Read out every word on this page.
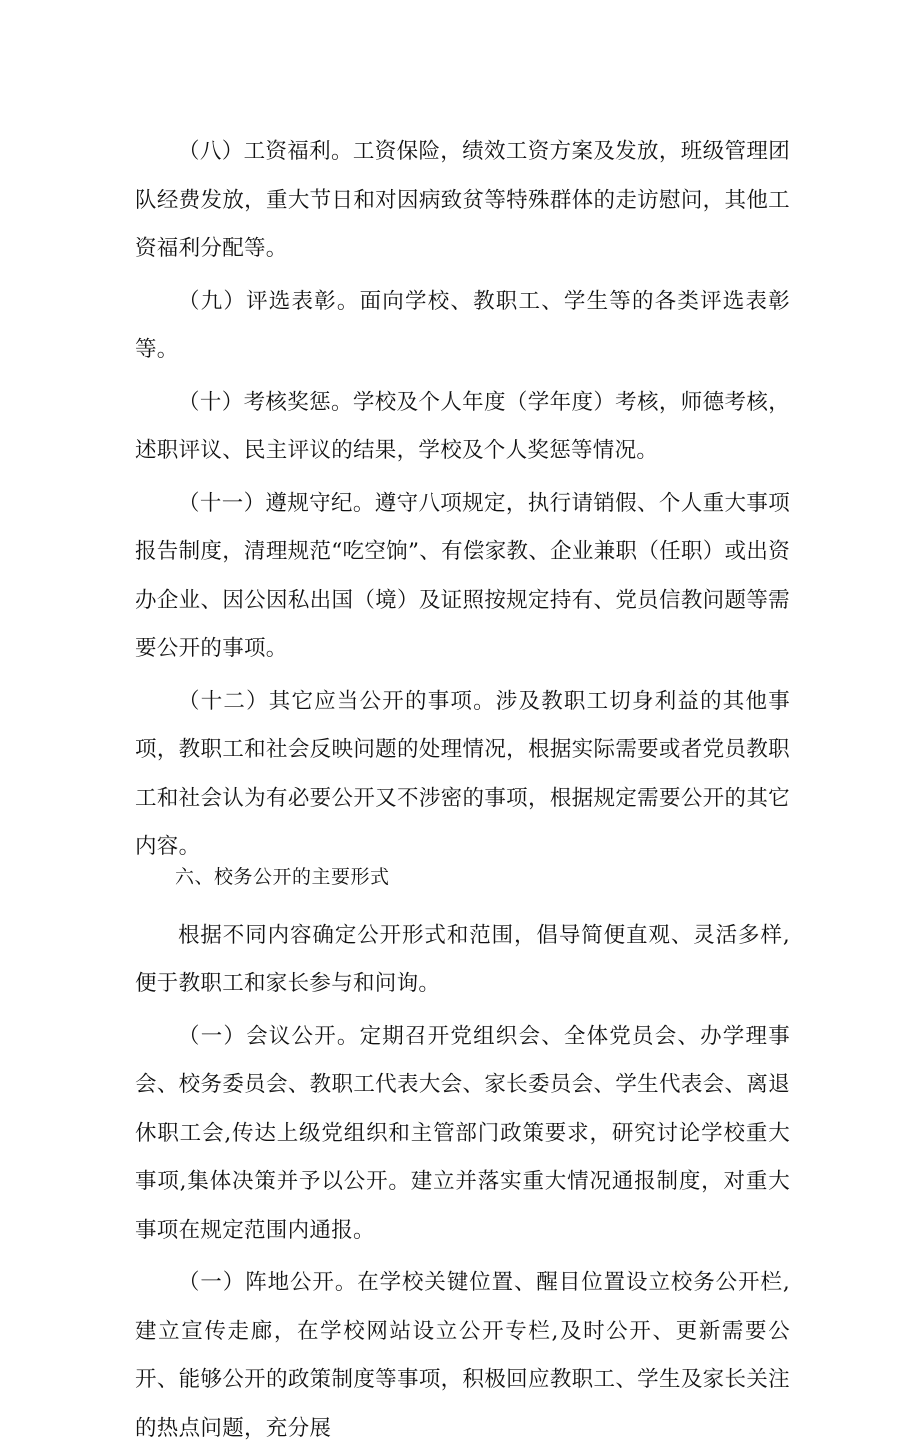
（八）工资福利。工资保险，绩效工资方案及发放，班级管理团队经费发放，重大节日和对因病致贫等特殊群体的走访慰问，其他工资福利分配等。

（九）评选表彰。面向学校、教职工、学生等的各类评选表彰等。

（十）考核奖惩。学校及个人年度（学年度）考核，师德考核，述职评议、民主评议的结果，学校及个人奖惩等情况。

（十一）遵规守纪。遵守八项规定，执行请销假、个人重大事项报告制度，清理规范“吃空饷”、有偿家教、企业兼职（任职）或出资办企业、因公因私出国（境）及证照按规定持有、党员信教问题等需要公开的事项。

（十二）其它应当公开的事项。涉及教职工切身利益的其他事项，教职工和社会反映问题的处理情况，根据实际需要或者党员教职工和社会认为有必要公开又不涉密的事项，根据规定需要公开的其它内容。

六、校务公开的主要形式

根据不同内容确定公开形式和范围，倡导简便直观、灵活多样,便于教职工和家长参与和问询。

（一）会议公开。定期召开党组织会、全体党员会、办学理事会、校务委员会、教职工代表大会、家长委员会、学生代表会、离退休职工会,传达上级党组织和主管部门政策要求，研究讨论学校重大事项,集体决策并予以公开。建立并落实重大情况通报制度，对重大事项在规定范围内通报。

（一）阵地公开。在学校关键位置、醒目位置设立校务公开栏,建立宣传走廊，在学校网站设立公开专栏,及时公开、更新需要公开、能够公开的政策制度等事项，积极回应教职工、学生及家长关注的热点问题，充分展
